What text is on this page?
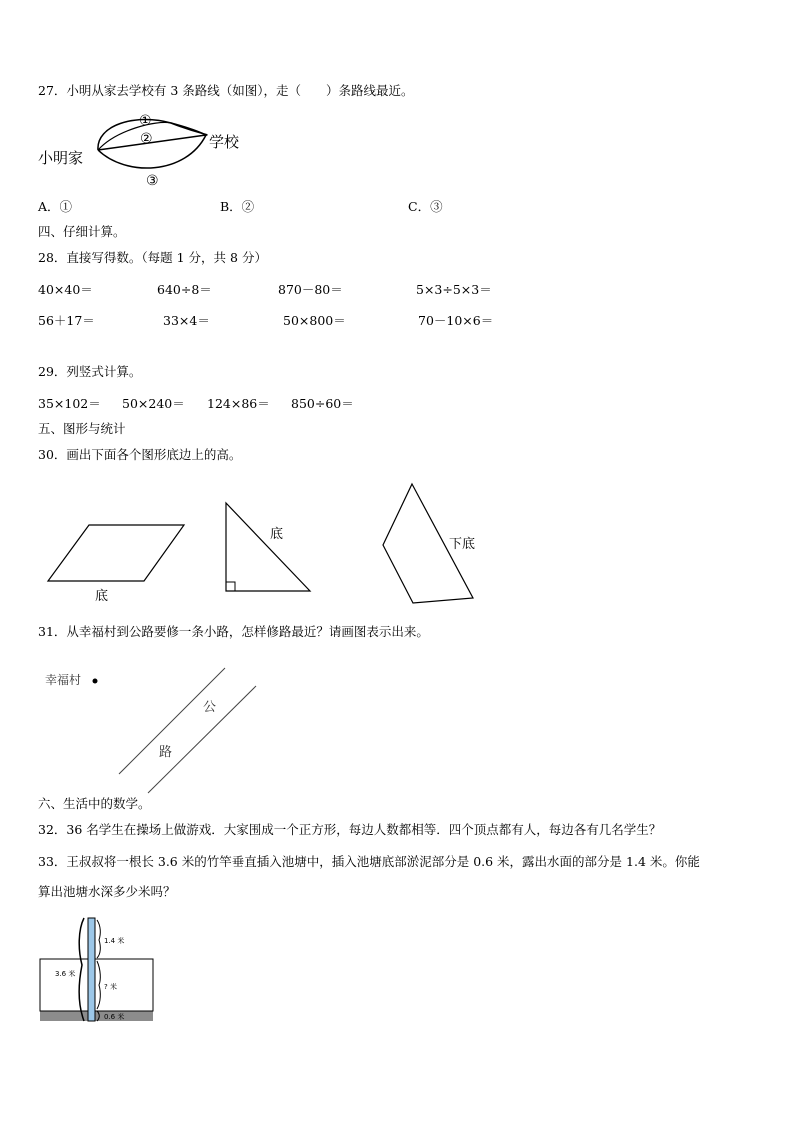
27．小明从家去学校有 3 条路线（如图），走（　　）条路线最近。
小明家
学校
①
②
③
A．①	B．②	C．③
四、仔细计算。
28．直接写得数。（每题 1 分，共 8 分）
40×40＝	640÷8＝	870－80＝	5×3÷5×3＝
56＋17＝	33×4＝	50×800＝	70－10×6＝
29．列竖式计算。
35×102＝ 50×240＝ 124×86＝ 850÷60＝
五、图形与统计
30．画出下面各个图形底边上的高。
底
底
下底
31．从幸福村到公路要修一条小路，怎样修路最近？请画图表示出来。
幸福村
公
路
六、生活中的数学。
32．36 名学生在操场上做游戏．大家围成一个正方形，每边人数都相等．四个顶点都有人，每边各有几名学生？
33．王叔叔将一根长 3.6 米的竹竿垂直插入池塘中，插入池塘底部淤泥部分是 0.6 米，露出水面的部分是 1.4 米。你能
算出池塘水深多少米吗？
3.6 米
1.4 米
? 米
0.6 米
